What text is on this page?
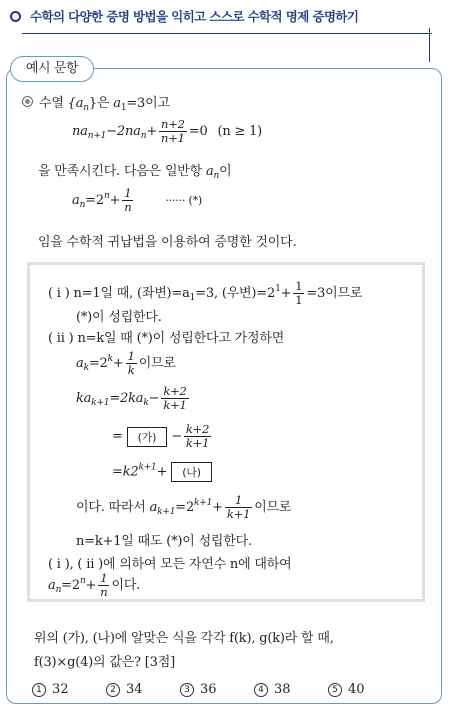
수학의 다양한 증명 방법을 익히고 스스로 수학적 명제 증명하기
예시 문항
수열 $\{a_n\}$은 $a_1=3$이고
$na_{n+1}-2na_n+ \frac{n+2}{n+1} =0$ (n ≥ 1)
을 만족시킨다. 다음은 일반항 $a_n$이
$a_n=2^n+ \frac{1}{n}$	······ (*)
임을 수학적 귀납법을 이용하여 증명한 것이다.
( i ) n=1일 때, (좌변)$=a_1=3$, (우변)$=2^1+ \frac{1}{1} =3$이므로
(*)이 성립한다.
( ii ) n=k일 때 (*)이 성립한다고 가정하면
$a_k=2^k+ \frac{1}{k}$ 이므로
$ka_{k+1}=2ka_k- \frac{k+2}{k+1}$
= (가) − $\frac{k+2}{k+1}$
$=k2^{k+1}+$ (나)
이다. 따라서 $a_{k+1}=2^{k+1}+ \frac{1}{k+1}$ 이므로
n=k+1일 때도 (*)이 성립한다.
( i ), ( ii )에 의하여 모든 자연수 n에 대하여
$a_n=2^n+ \frac{1}{n}$ 이다.
위의 (가), (나)에 알맞은 식을 각각 f(k), g(k)라 할 때,
f(3)×g(4)의 값은? [3점]
1 32	2 34	3 36	4 38	5 40
